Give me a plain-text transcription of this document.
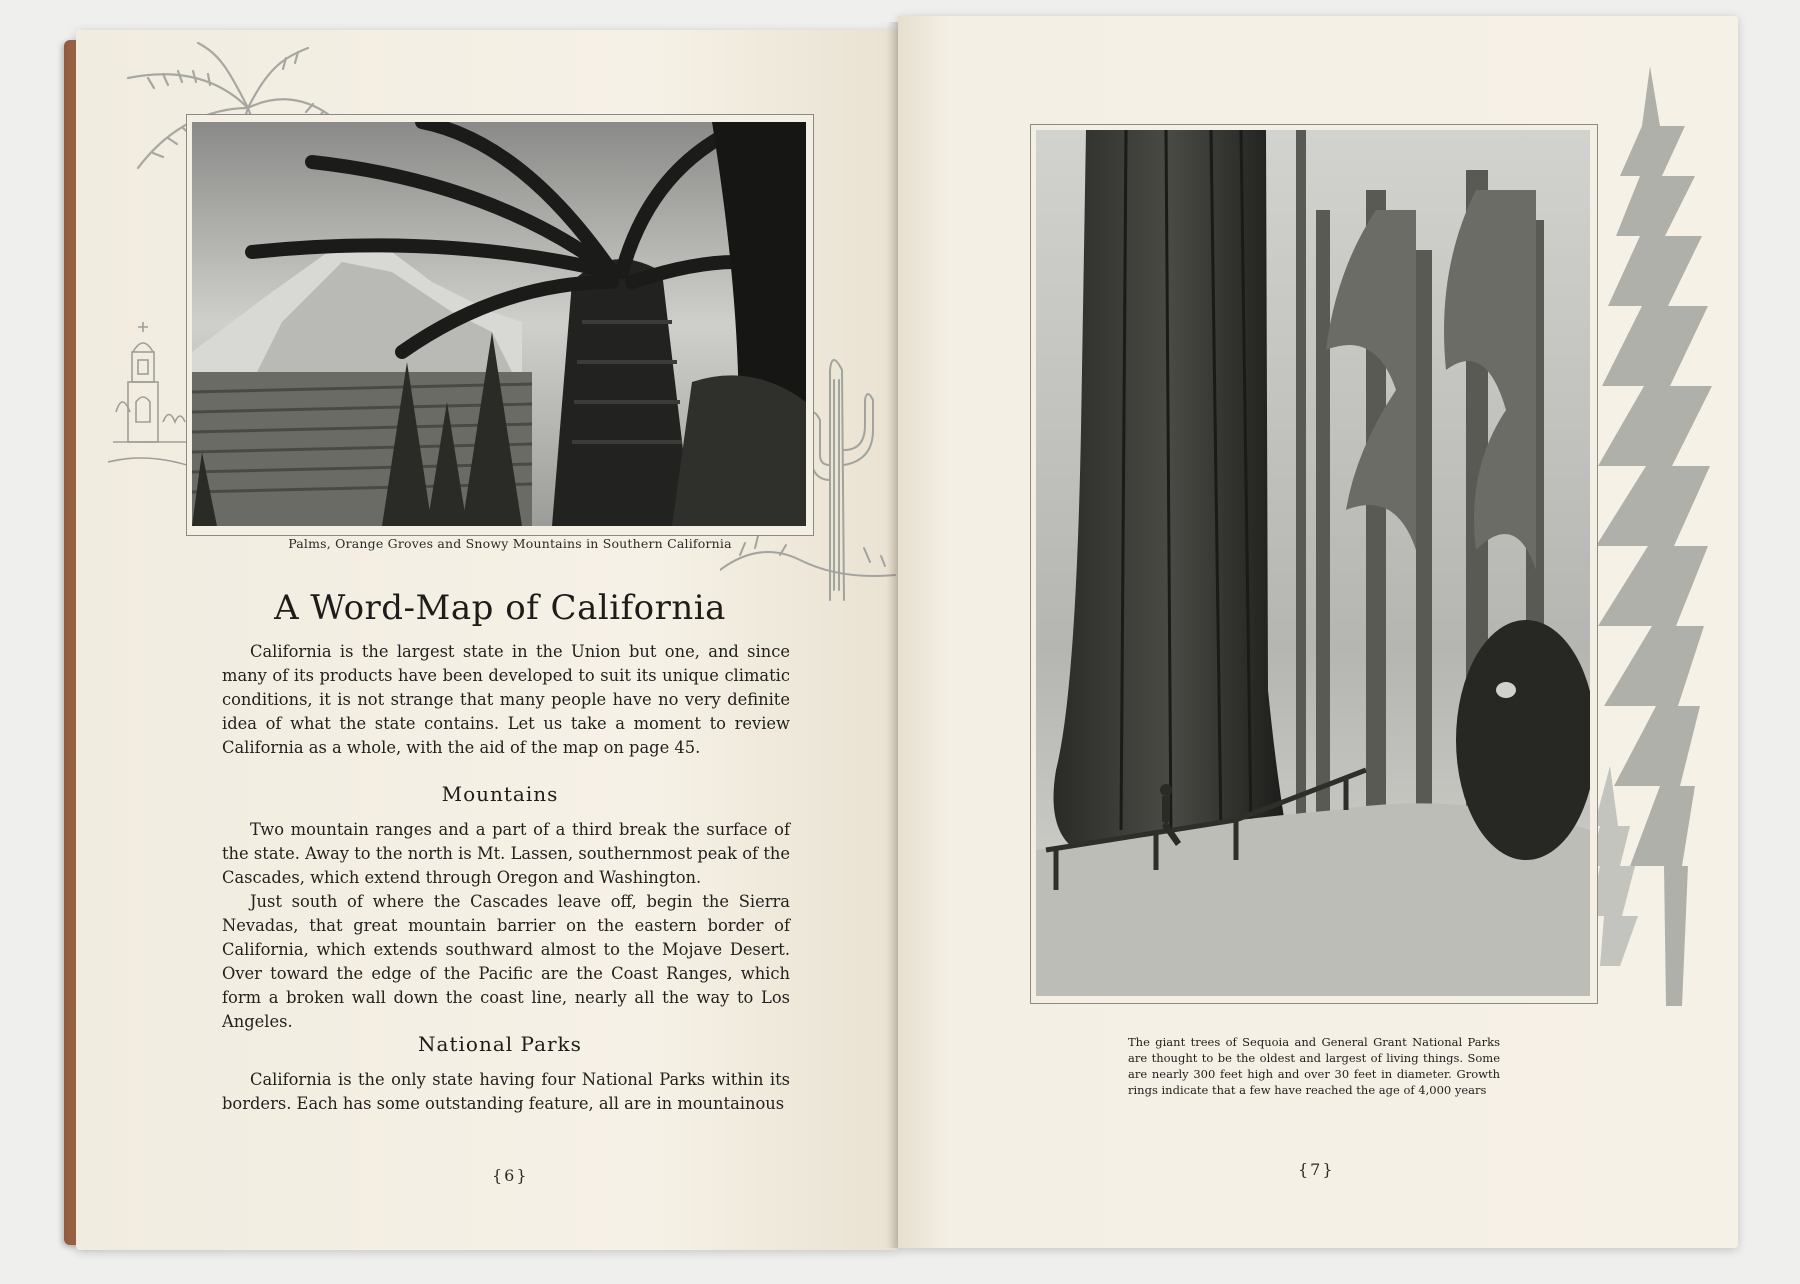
Palms, Orange Groves and Snowy Mountains in Southern California
A Word-Map of California
California is the largest state in the Union but one, and since many of its products have been developed to suit its unique climatic conditions, it is not strange that many people have no very definite idea of what the state contains. Let us take a moment to review California as a whole, with the aid of the map on page 45.
Mountains
Two mountain ranges and a part of a third break the surface of the state. Away to the north is Mt. Lassen, southernmost peak of the Cascades, which extend through Oregon and Washington.
Just south of where the Cascades leave off, begin the Sierra Nevadas, that great mountain barrier on the eastern border of California, which extends southward almost to the Mojave Desert. Over toward the edge of the Pacific are the Coast Ranges, which form a broken wall down the coast line, nearly all the way to Los Angeles.
National Parks
California is the only state having four National Parks within its borders. Each has some outstanding feature, all are in mountainous
{6}
The giant trees of Sequoia and General Grant National Parks are thought to be the oldest and largest of living things. Some are nearly 300 feet high and over 30 feet in diameter. Growth rings indicate that a few have reached the age of 4,000 years
{7}
